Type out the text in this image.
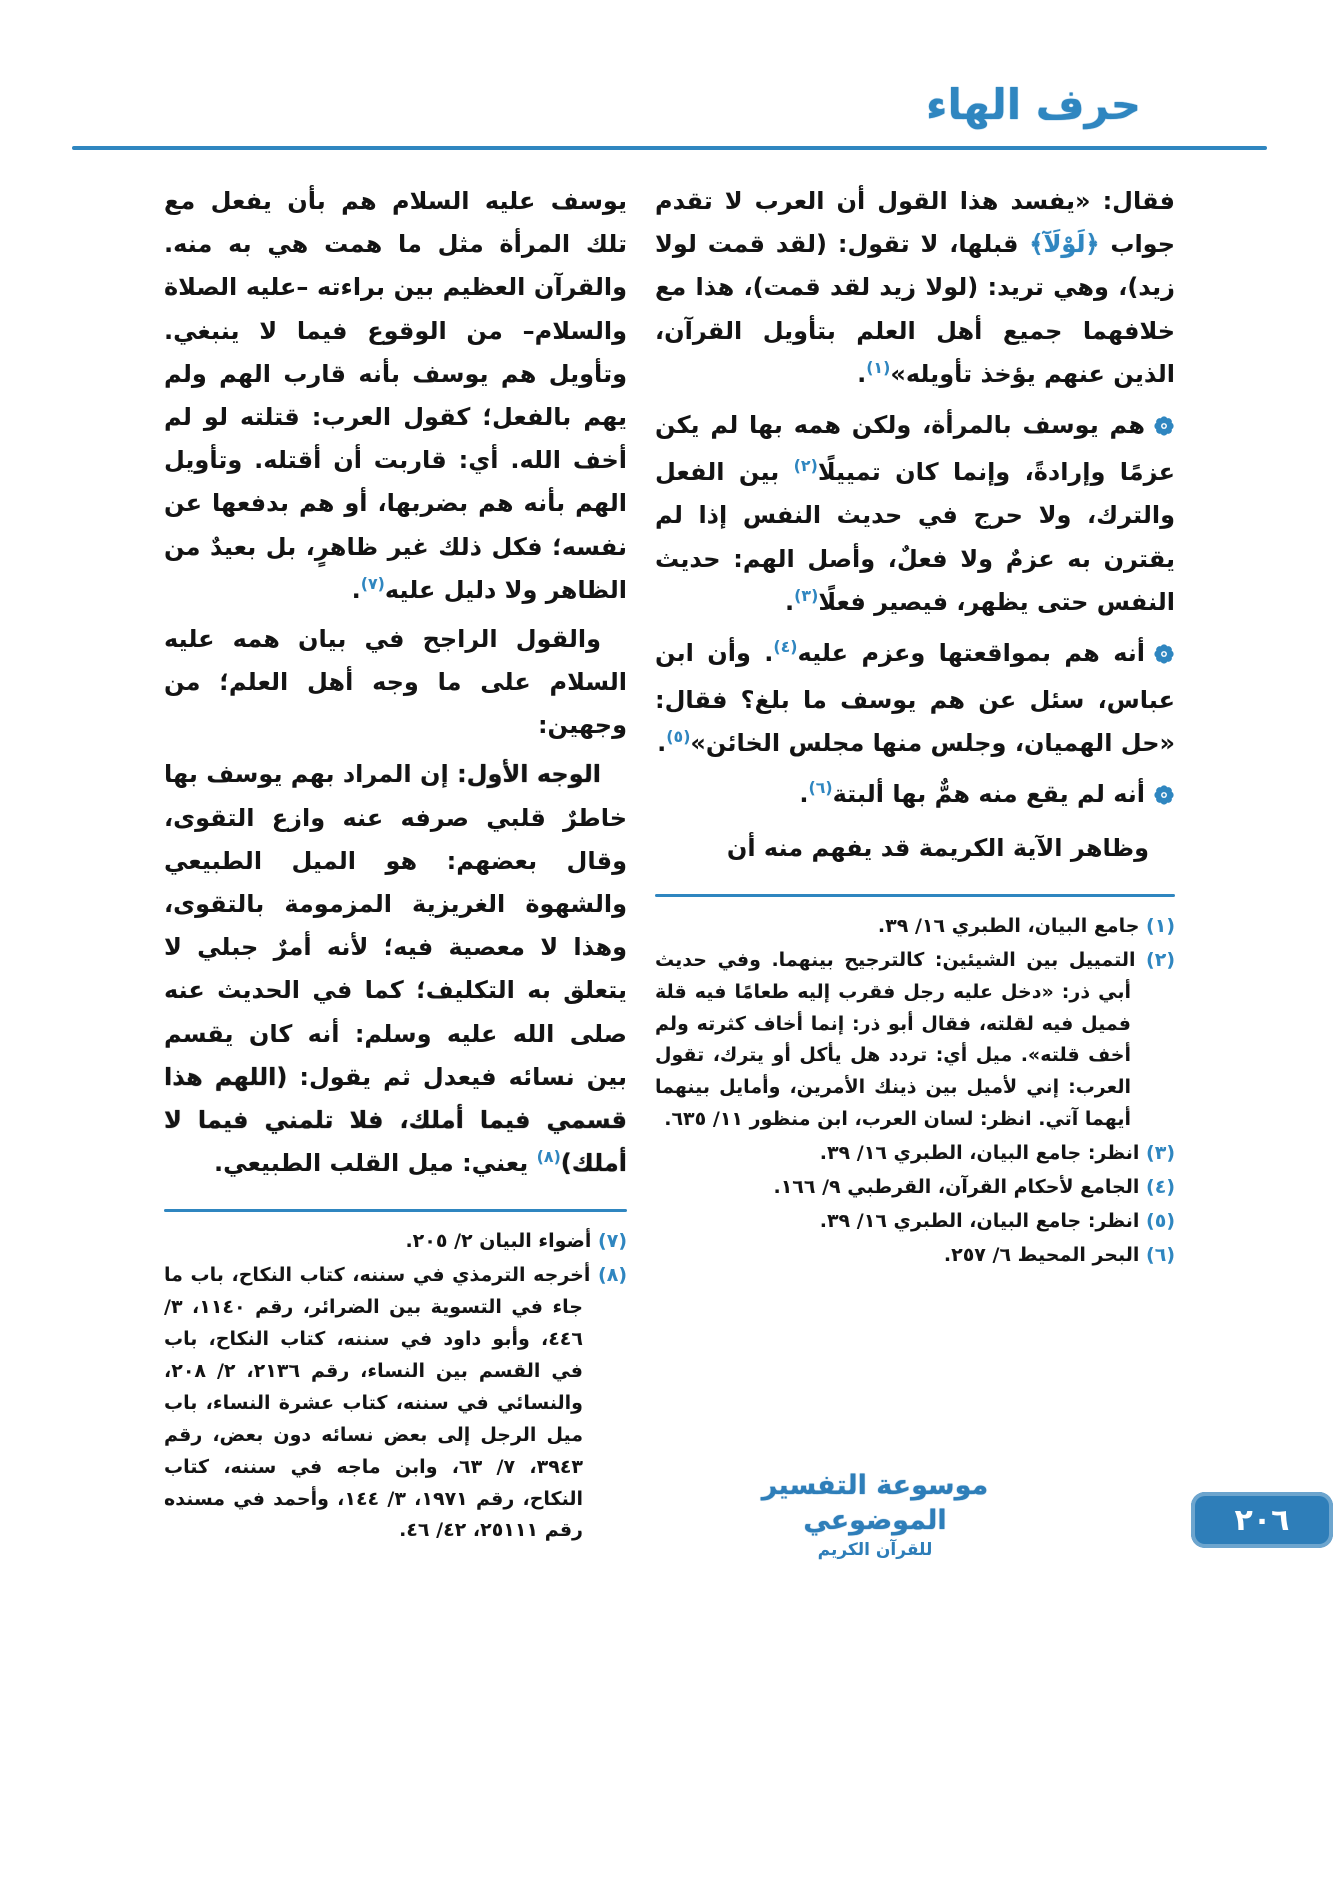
حرف الهاء
فقال: «يفسد هذا القول أن العرب لا تقدم جواب ﴿لَوْلَآ﴾ قبلها، لا تقول: (لقد قمت لولا زيد)، وهي تريد: (لولا زيد لقد قمت)، هذا مع خلافهما جميع أهل العلم بتأويل القرآن، الذين عنهم يؤخذ تأويله»$^{(١)}$.
هم يوسف بالمرأة، ولكن همه بها لم يكن عزمًا وإرادةً، وإنما كان تمييلًا$^{(٢)}$ بين الفعل والترك، ولا حرج في حديث النفس إذا لم يقترن به عزمٌ ولا فعلٌ، وأصل الهم: حديث النفس حتى يظهر، فيصير فعلًا$^{(٣)}$.
أنه هم بمواقعتها وعزم عليه$^{(٤)}$. وأن ابن عباس، سئل عن هم يوسف ما بلغ؟ فقال: «حل الهميان، وجلس منها مجلس الخائن»$^{(٥)}$.
أنه لم يقع منه همٌّ بها ألبتة$^{(٦)}$.
وظاهر الآية الكريمة قد يفهم منه أن
(١) جامع البيان، الطبري ١٦/ ٣٩.
(٢) التمييل بين الشيئين: كالترجيح بينهما. وفي حديث أبي ذر: «دخل عليه رجل فقرب إليه طعامًا فيه قلة فميل فيه لقلته، فقال أبو ذر: إنما أخاف كثرته ولم أخف قلته». ميل أي: تردد هل يأكل أو يترك، تقول العرب: إني لأميل بين ذينك الأمرين، وأمايل بينهما أيهما آتي. انظر: لسان العرب، ابن منظور ١١/ ٦٣٥.
(٣) انظر: جامع البيان، الطبري ١٦/ ٣٩.
(٤) الجامع لأحكام القرآن، القرطبي ٩/ ١٦٦.
(٥) انظر: جامع البيان، الطبري ١٦/ ٣٩.
(٦) البحر المحيط ٦/ ٢٥٧.
يوسف عليه السلام هم بأن يفعل مع تلك المرأة مثل ما همت هي به منه. والقرآن العظيم بين براءته –عليه الصلاة والسلام– من الوقوع فيما لا ينبغي. وتأويل هم يوسف بأنه قارب الهم ولم يهم بالفعل؛ كقول العرب: قتلته لو لم أخف الله. أي: قاربت أن أقتله. وتأويل الهم بأنه هم بضربها، أو هم بدفعها عن نفسه؛ فكل ذلك غير ظاهرٍ، بل بعيدٌ من الظاهر ولا دليل عليه$^{(٧)}$.
والقول الراجح في بيان همه عليه السلام على ما وجه أهل العلم؛ من وجهين:
الوجه الأول: إن المراد بهم يوسف بها خاطرٌ قلبي صرفه عنه وازع التقوى، وقال بعضهم: هو الميل الطبيعي والشهوة الغريزية المزمومة بالتقوى، وهذا لا معصية فيه؛ لأنه أمرٌ جبلي لا يتعلق به التكليف؛ كما في الحديث عنه صلى الله عليه وسلم: أنه كان يقسم بين نسائه فيعدل ثم يقول: (اللهم هذا قسمي فيما أملك، فلا تلمني فيما لا أملك)$^{(٨)}$ يعني: ميل القلب الطبيعي.
(٧) أضواء البيان ٢/ ٢٠٥.
(٨) أخرجه الترمذي في سننه، كتاب النكاح، باب ما جاء في التسوية بين الضرائر، رقم ١١٤٠، ٣/ ٤٤٦، وأبو داود في سننه، كتاب النكاح، باب في القسم بين النساء، رقم ٢١٣٦، ٢/ ٢٠٨، والنسائي في سننه، كتاب عشرة النساء، باب ميل الرجل إلى بعض نسائه دون بعض، رقم ٣٩٤٣، ٧/ ٦٣، وابن ماجه في سننه، كتاب النكاح، رقم ١٩٧١، ٣/ ١٤٤، وأحمد في مسنده رقم ٢٥١١١، ٤٢/ ٤٦.
موسوعة التفسير الموضوعي
للقرآن الكريم
٢٠٦
